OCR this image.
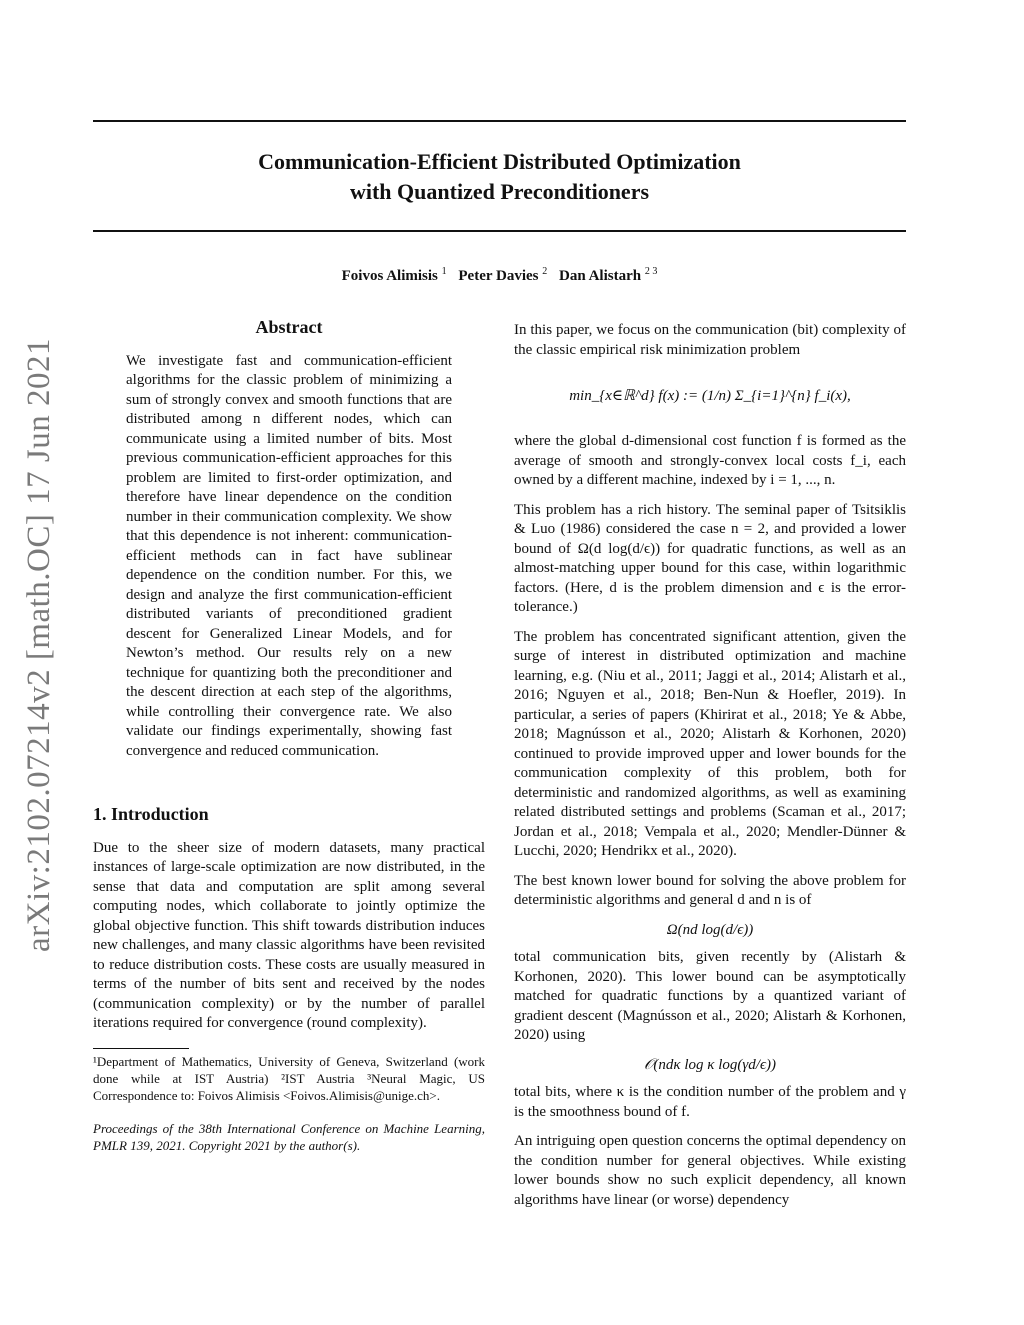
arXiv:2102.07214v2 [math.OC] 17 Jun 2021
Communication-Efficient Distributed Optimization
with Quantized Preconditioners
Foivos Alimisis $^1$ Peter Davies $^2$ Dan Alistarh $^{2 3}$
Abstract
We investigate fast and communication-efficient algorithms for the classic problem of minimizing a sum of strongly convex and smooth functions that are distributed among n different nodes, which can communicate using a limited number of bits. Most previous communication-efficient approaches for this problem are limited to first-order optimization, and therefore have linear dependence on the condition number in their communication complexity. We show that this dependence is not inherent: communication-efficient methods can in fact have sublinear dependence on the condition number. For this, we design and analyze the first communication-efficient distributed variants of preconditioned gradient descent for Generalized Linear Models, and for Newton’s method. Our results rely on a new technique for quantizing both the preconditioner and the descent direction at each step of the algorithms, while controlling their convergence rate. We also validate our findings experimentally, showing fast convergence and reduced communication.
1. Introduction

Due to the sheer size of modern datasets, many practical instances of large-scale optimization are now distributed, in the sense that data and computation are split among several computing nodes, which collaborate to jointly optimize the global objective function. This shift towards distribution induces new challenges, and many classic algorithms have been revisited to reduce distribution costs. These costs are usually measured in terms of the number of bits sent and received by the nodes (communication complexity) or by the number of parallel iterations required for convergence (round complexity).

¹Department of Mathematics, University of Geneva, Switzerland (work done while at IST Austria) ²IST Austria ³Neural Magic, US Correspondence to: Foivos Alimisis <Foivos.Alimisis@unige.ch>.
Proceedings of the 38th International Conference on Machine Learning, PMLR 139, 2021. Copyright 2021 by the author(s).

In this paper, we focus on the communication (bit) complexity of the classic empirical risk minimization problem

min_{x∈ℝ^d} f(x) := (1/n) Σ_{i=1}^{n} f_i(x),

where the global d-dimensional cost function f is formed as the average of smooth and strongly-convex local costs f_i, each owned by a different machine, indexed by i = 1, ..., n.

This problem has a rich history. The seminal paper of Tsitsiklis & Luo (1986) considered the case n = 2, and provided a lower bound of Ω(d log(d/ϵ)) for quadratic functions, as well as an almost-matching upper bound for this case, within logarithmic factors. (Here, d is the problem dimension and ϵ is the error-tolerance.)

The problem has concentrated significant attention, given the surge of interest in distributed optimization and machine learning, e.g. (Niu et al., 2011; Jaggi et al., 2014; Alistarh et al., 2016; Nguyen et al., 2018; Ben-Nun & Hoefler, 2019). In particular, a series of papers (Khirirat et al., 2018; Ye & Abbe, 2018; Magnússon et al., 2020; Alistarh & Korhonen, 2020) continued to provide improved upper and lower bounds for the communication complexity of this problem, both for deterministic and randomized algorithms, as well as examining related distributed settings and problems (Scaman et al., 2017; Jordan et al., 2018; Vempala et al., 2020; Mendler-Dünner & Lucchi, 2020; Hendrikx et al., 2020).

The best known lower bound for solving the above problem for deterministic algorithms and general d and n is of

Ω(nd log(d/ϵ))

total communication bits, given recently by (Alistarh & Korhonen, 2020). This lower bound can be asymptotically matched for quadratic functions by a quantized variant of gradient descent (Magnússon et al., 2020; Alistarh & Korhonen, 2020) using

𝒪(ndκ log κ log(γd/ϵ))

total bits, where κ is the condition number of the problem and γ is the smoothness bound of f.

An intriguing open question concerns the optimal dependency on the condition number for general objectives. While existing lower bounds show no such explicit dependency, all known algorithms have linear (or worse) dependency
